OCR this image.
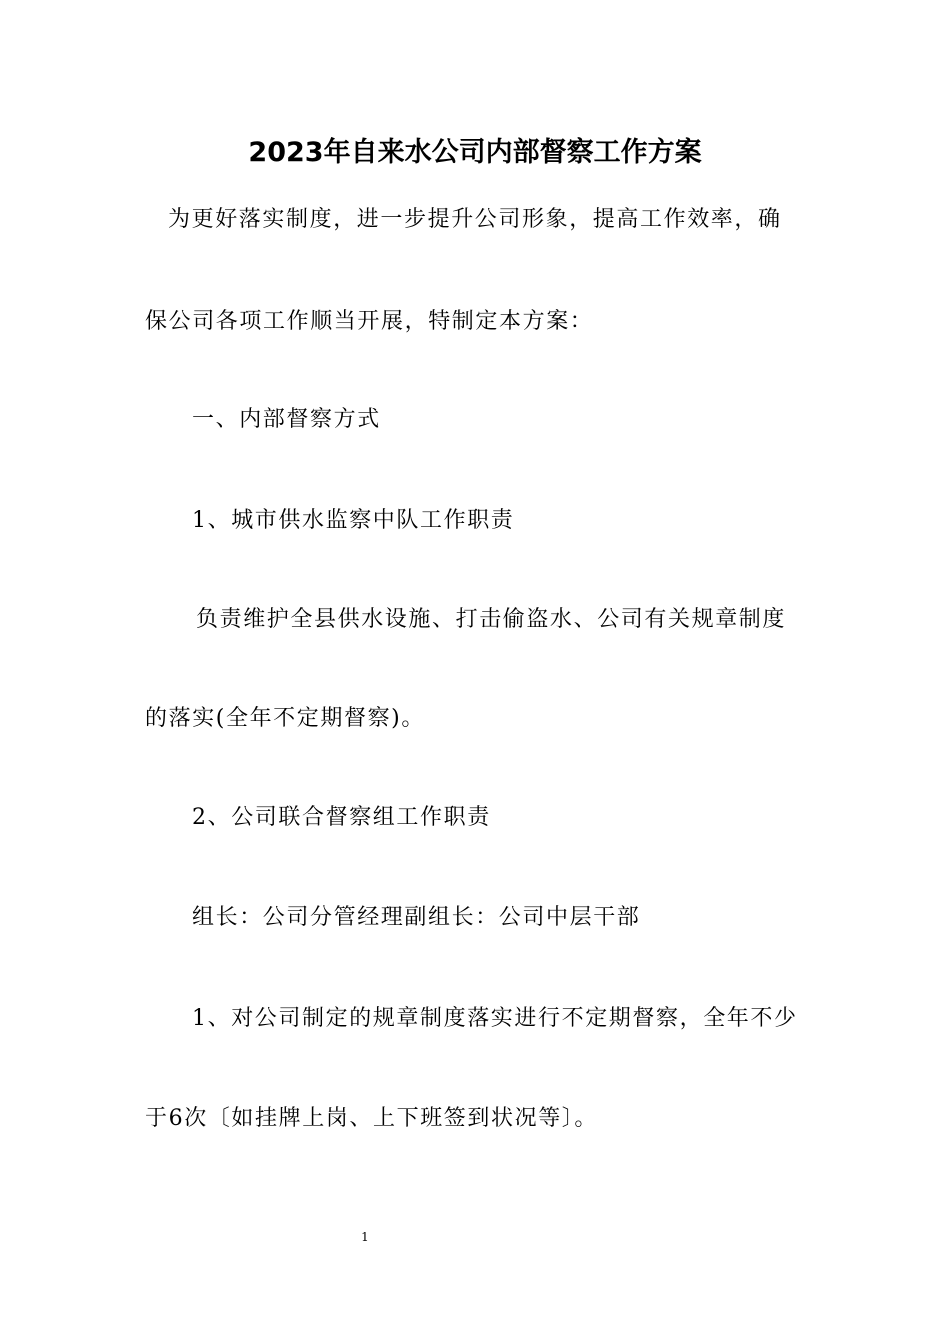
2023年自来水公司内部督察工作方案

为更好落实制度，进一步提升公司形象，提高工作效率，确

保公司各项工作顺当开展，特制定本方案：

一、内部督察方式

1、城市供水监察中队工作职责

负责维护全县供水设施、打击偷盗水、公司有关规章制度

的落实(全年不定期督察)。

2、公司联合督察组工作职责

组长：公司分管经理副组长：公司中层干部

1、对公司制定的规章制度落实进行不定期督察，全年不少

于6次〔如挂牌上岗、上下班签到状况等〕。

1
